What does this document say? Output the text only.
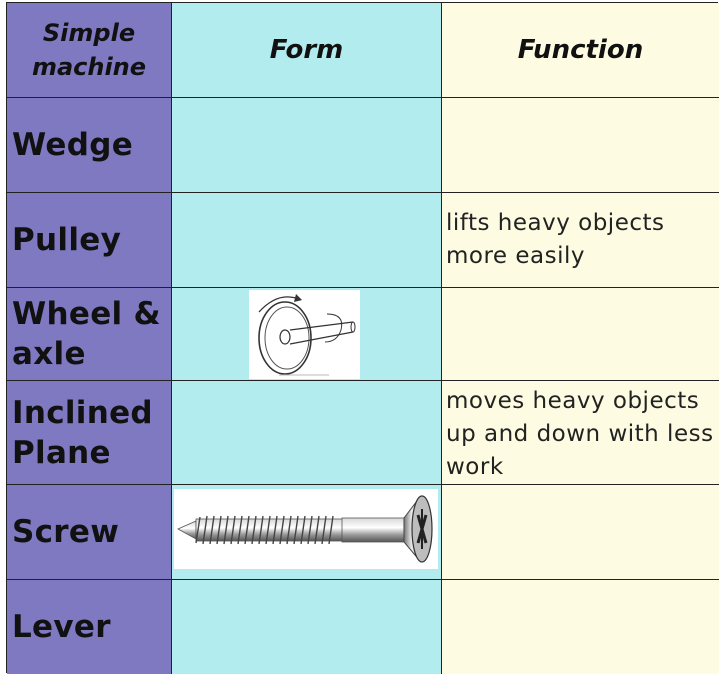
Simple machine
Form	Function
Wedge
Pulley	lifts heavy objects more easily
Wheel & axle
Inclined Plane
moves heavy objects up and down with less work
Screw
Lever
